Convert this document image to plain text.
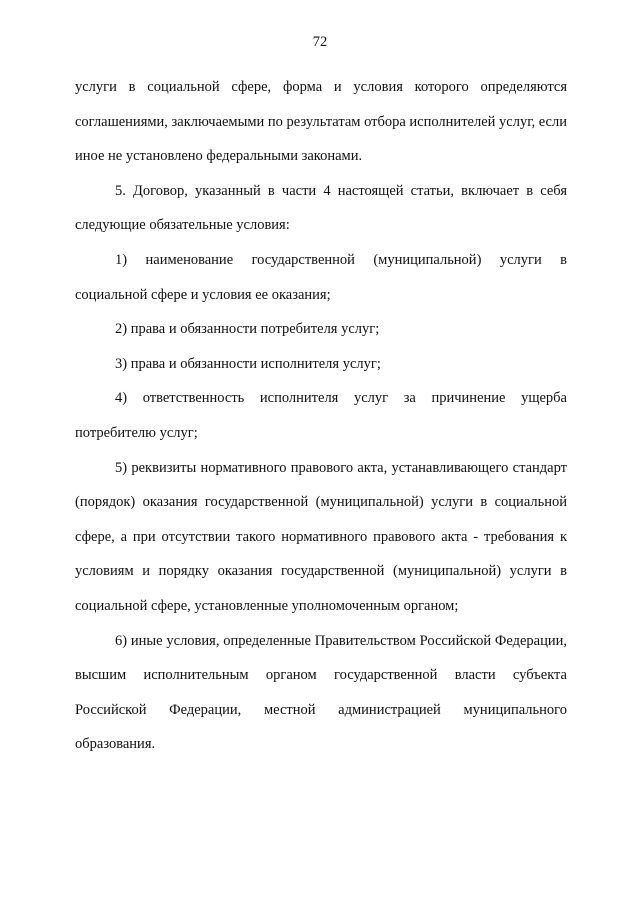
72

услуги в социальной сфере, форма и условия которого определяются соглашениями, заключаемыми по результатам отбора исполнителей услуг, если иное не установлено федеральными законами.

5. Договор, указанный в части 4 настоящей статьи, включает в себя следующие обязательные условия:

1) наименование государственной (муниципальной) услуги в социальной сфере и условия ее оказания;

2) права и обязанности потребителя услуг;

3) права и обязанности исполнителя услуг;

4) ответственность исполнителя услуг за причинение ущерба потребителю услуг;

5) реквизиты нормативного правового акта, устанавливающего стандарт (порядок) оказания государственной (муниципальной) услуги в социальной сфере, а при отсутствии такого нормативного правового акта - требования к условиям и порядку оказания государственной (муниципальной) услуги в социальной сфере, установленные уполномоченным органом;

6) иные условия, определенные Правительством Российской Федерации, высшим исполнительным органом государственной власти субъекта Российской Федерации, местной администрацией муниципального образования.
